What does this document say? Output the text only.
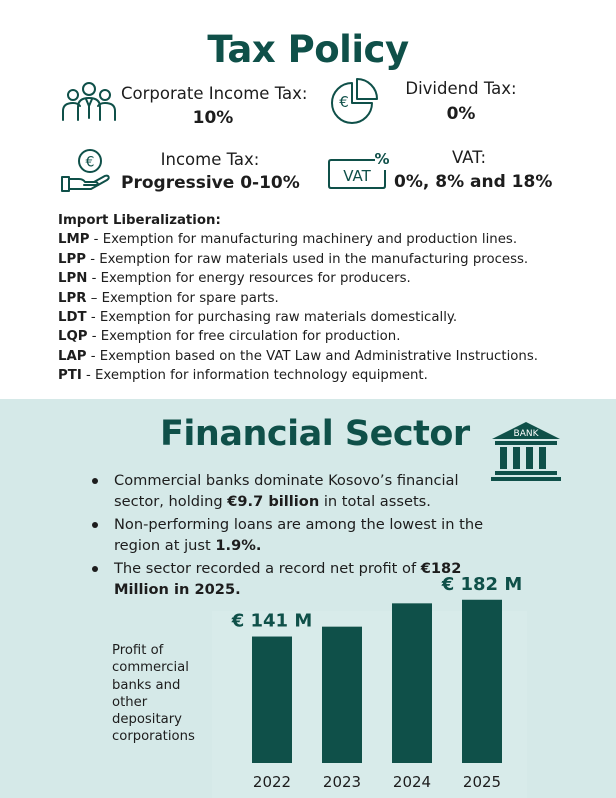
Tax Policy
Corporate Income Tax:
10%
€
Dividend Tax:
0%
€	Income Tax:
Progressive 0-10%	VAT
%	VAT:
0%, 8% and 18%
Import Liberalization:
LMP - Exemption for manufacturing machinery and production lines.
LPP - Exemption for raw materials used in the manufacturing process.
LPN - Exemption for energy resources for producers.
LPR – Exemption for spare parts.
LDT - Exemption for purchasing raw materials domestically.
LQP - Exemption for free circulation for production.
LAP - Exemption based on the VAT Law and Administrative Instructions.
PTI - Exemption for information technology equipment.
Financial Sector	BANK
Commercial banks dominate Kosovo’s financial sector, holding €9.7 billion in total assets.
Non-performing loans are among the lowest in the region at just 1.9%.
The sector recorded a record net profit of €182 Million in 2025.
Profit of commercial banks and other depositary corporations
2022
€ 141 M
2023 2024 2025
€ 182 M
